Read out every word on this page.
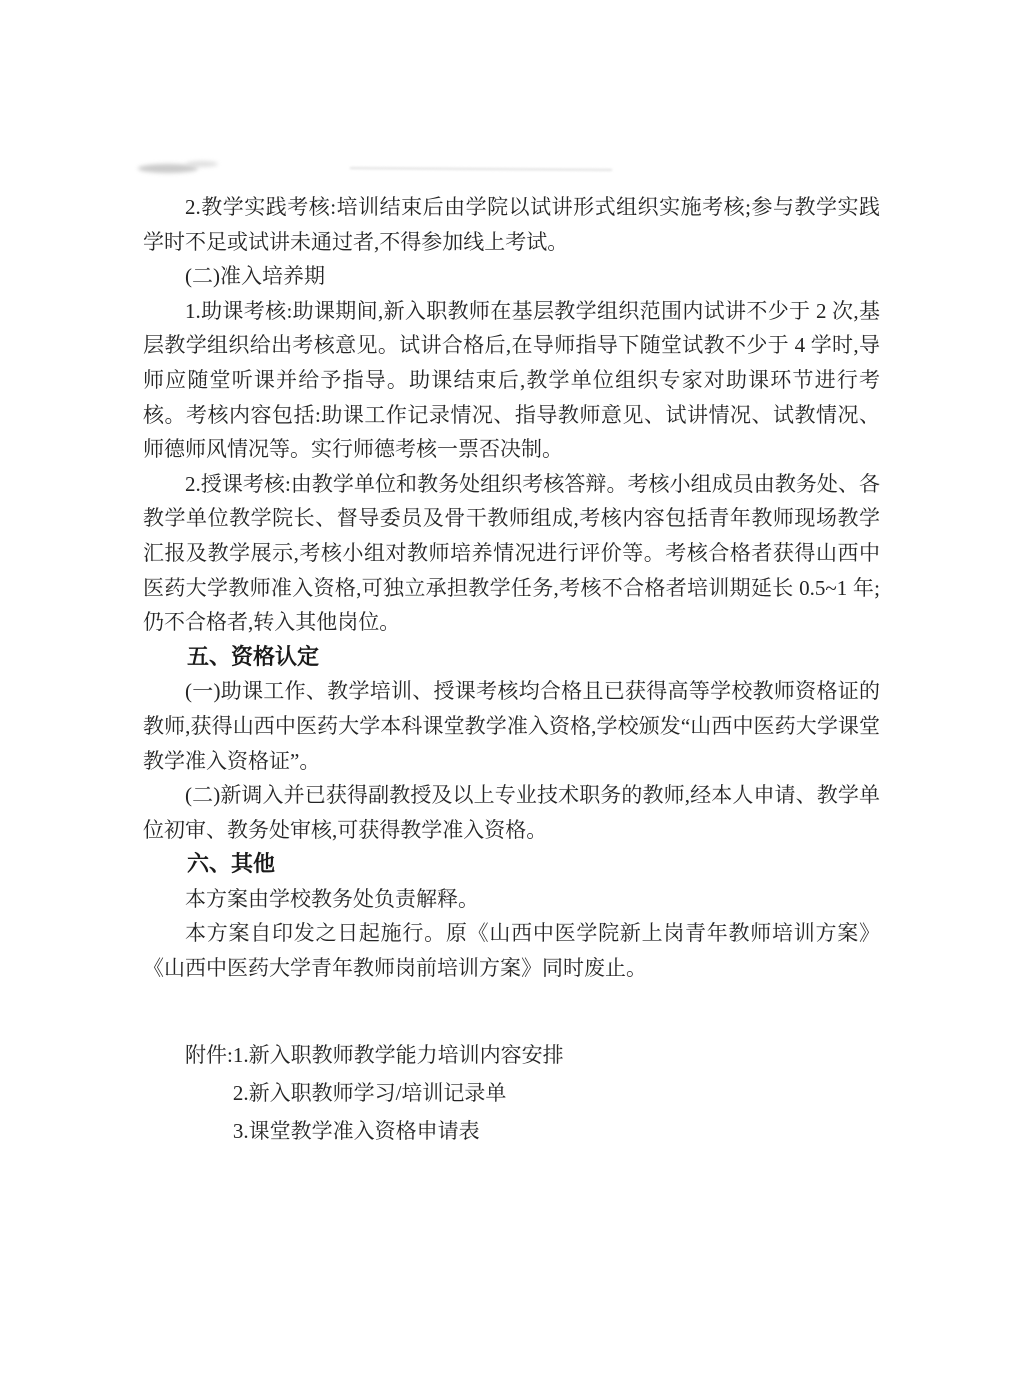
2.教学实践考核:培训结束后由学院以试讲形式组织实施考核;参与教学实践学时不足或试讲未通过者,不得参加线上考试。

(二)准入培养期

1.助课考核:助课期间,新入职教师在基层教学组织范围内试讲不少于 2 次,基层教学组织给出考核意见。试讲合格后,在导师指导下随堂试教不少于 4 学时,导师应随堂听课并给予指导。助课结束后,教学单位组织专家对助课环节进行考核。考核内容包括:助课工作记录情况、指导教师意见、试讲情况、试教情况、师德师风情况等。实行师德考核一票否决制。

2.授课考核:由教学单位和教务处组织考核答辩。考核小组成员由教务处、各教学单位教学院长、督导委员及骨干教师组成,考核内容包括青年教师现场教学汇报及教学展示,考核小组对教师培养情况进行评价等。考核合格者获得山西中医药大学教师准入资格,可独立承担教学任务,考核不合格者培训期延长 0.5~1 年;仍不合格者,转入其他岗位。

五、资格认定

(一)助课工作、教学培训、授课考核均合格且已获得高等学校教师资格证的教师,获得山西中医药大学本科课堂教学准入资格,学校颁发“山西中医药大学课堂教学准入资格证”。

(二)新调入并已获得副教授及以上专业技术职务的教师,经本人申请、教学单位初审、教务处审核,可获得教学准入资格。

六、其他

本方案由学校教务处负责解释。

本方案自印发之日起施行。原《山西中医学院新上岗青年教师培训方案》《山西中医药大学青年教师岗前培训方案》同时废止。

附件: 1.新入职教师教学能力培训内容安排

2.新入职教师学习/培训记录单

3.课堂教学准入资格申请表
